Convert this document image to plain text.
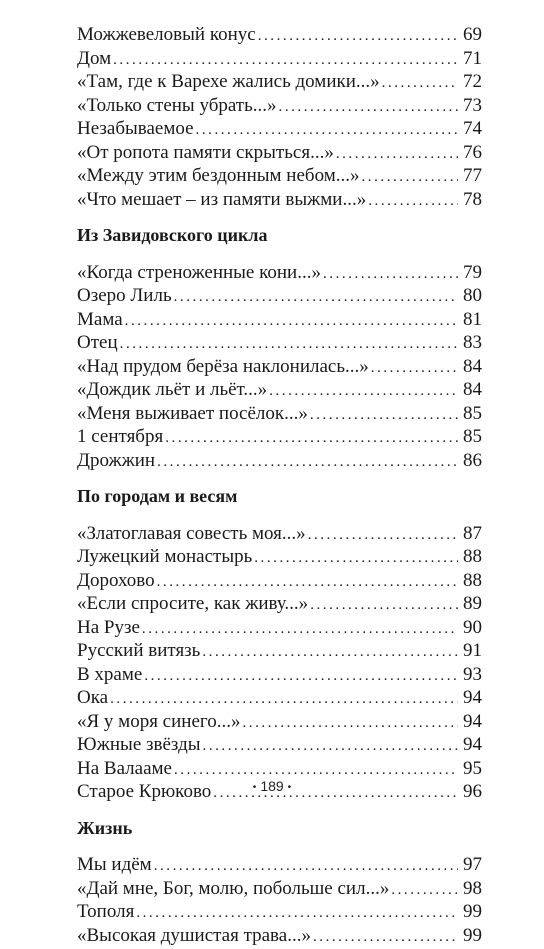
Можжевеловый конус . . .	69
Дом . . .	71
«Там, где к Варехе жались домики...» . . .	72
«Только стены убрать...» . . .	73
Незабываемое . . .	74
«От ропота памяти скрыться...» . . .	76
«Между этим бездонным небом...» . . .	77
«Что мешает – из памяти выжми...» . . .	78
Из Завидовского цикла
«Когда стреноженные кони...» . . .	79
Озеро Лиль . . .	80
Мама . . .	81
Отец . . .	83
«Над прудом берёза наклонилась...» . . .	84
«Дождик льёт и льёт...» . . .	84
«Меня выживает посёлок...» . . .	85
1 сентября . . .	85
Дрожжин . . .	86
По городам и весям
«Златоглавая совесть моя...» . . .	87
Лужецкий монастырь . . .	88
Дорохово . . .	88
«Если спросите, как живу...» . . .	89
На Рузе . . .	90
Русский витязь . . .	91
В храме . . .	93
Ока . . .	94
«Я у моря синего...» . . .	94
Южные звёзды . . .	94
На Валааме . . .	95
Старое Крюково . . .	96
Жизнь
Мы идём . . .	97
«Дай мне, Бог, молю, побольше сил...» . . .	98
Тополя . . .	99
«Высокая душистая трава...» . . .	99
• 189 •
